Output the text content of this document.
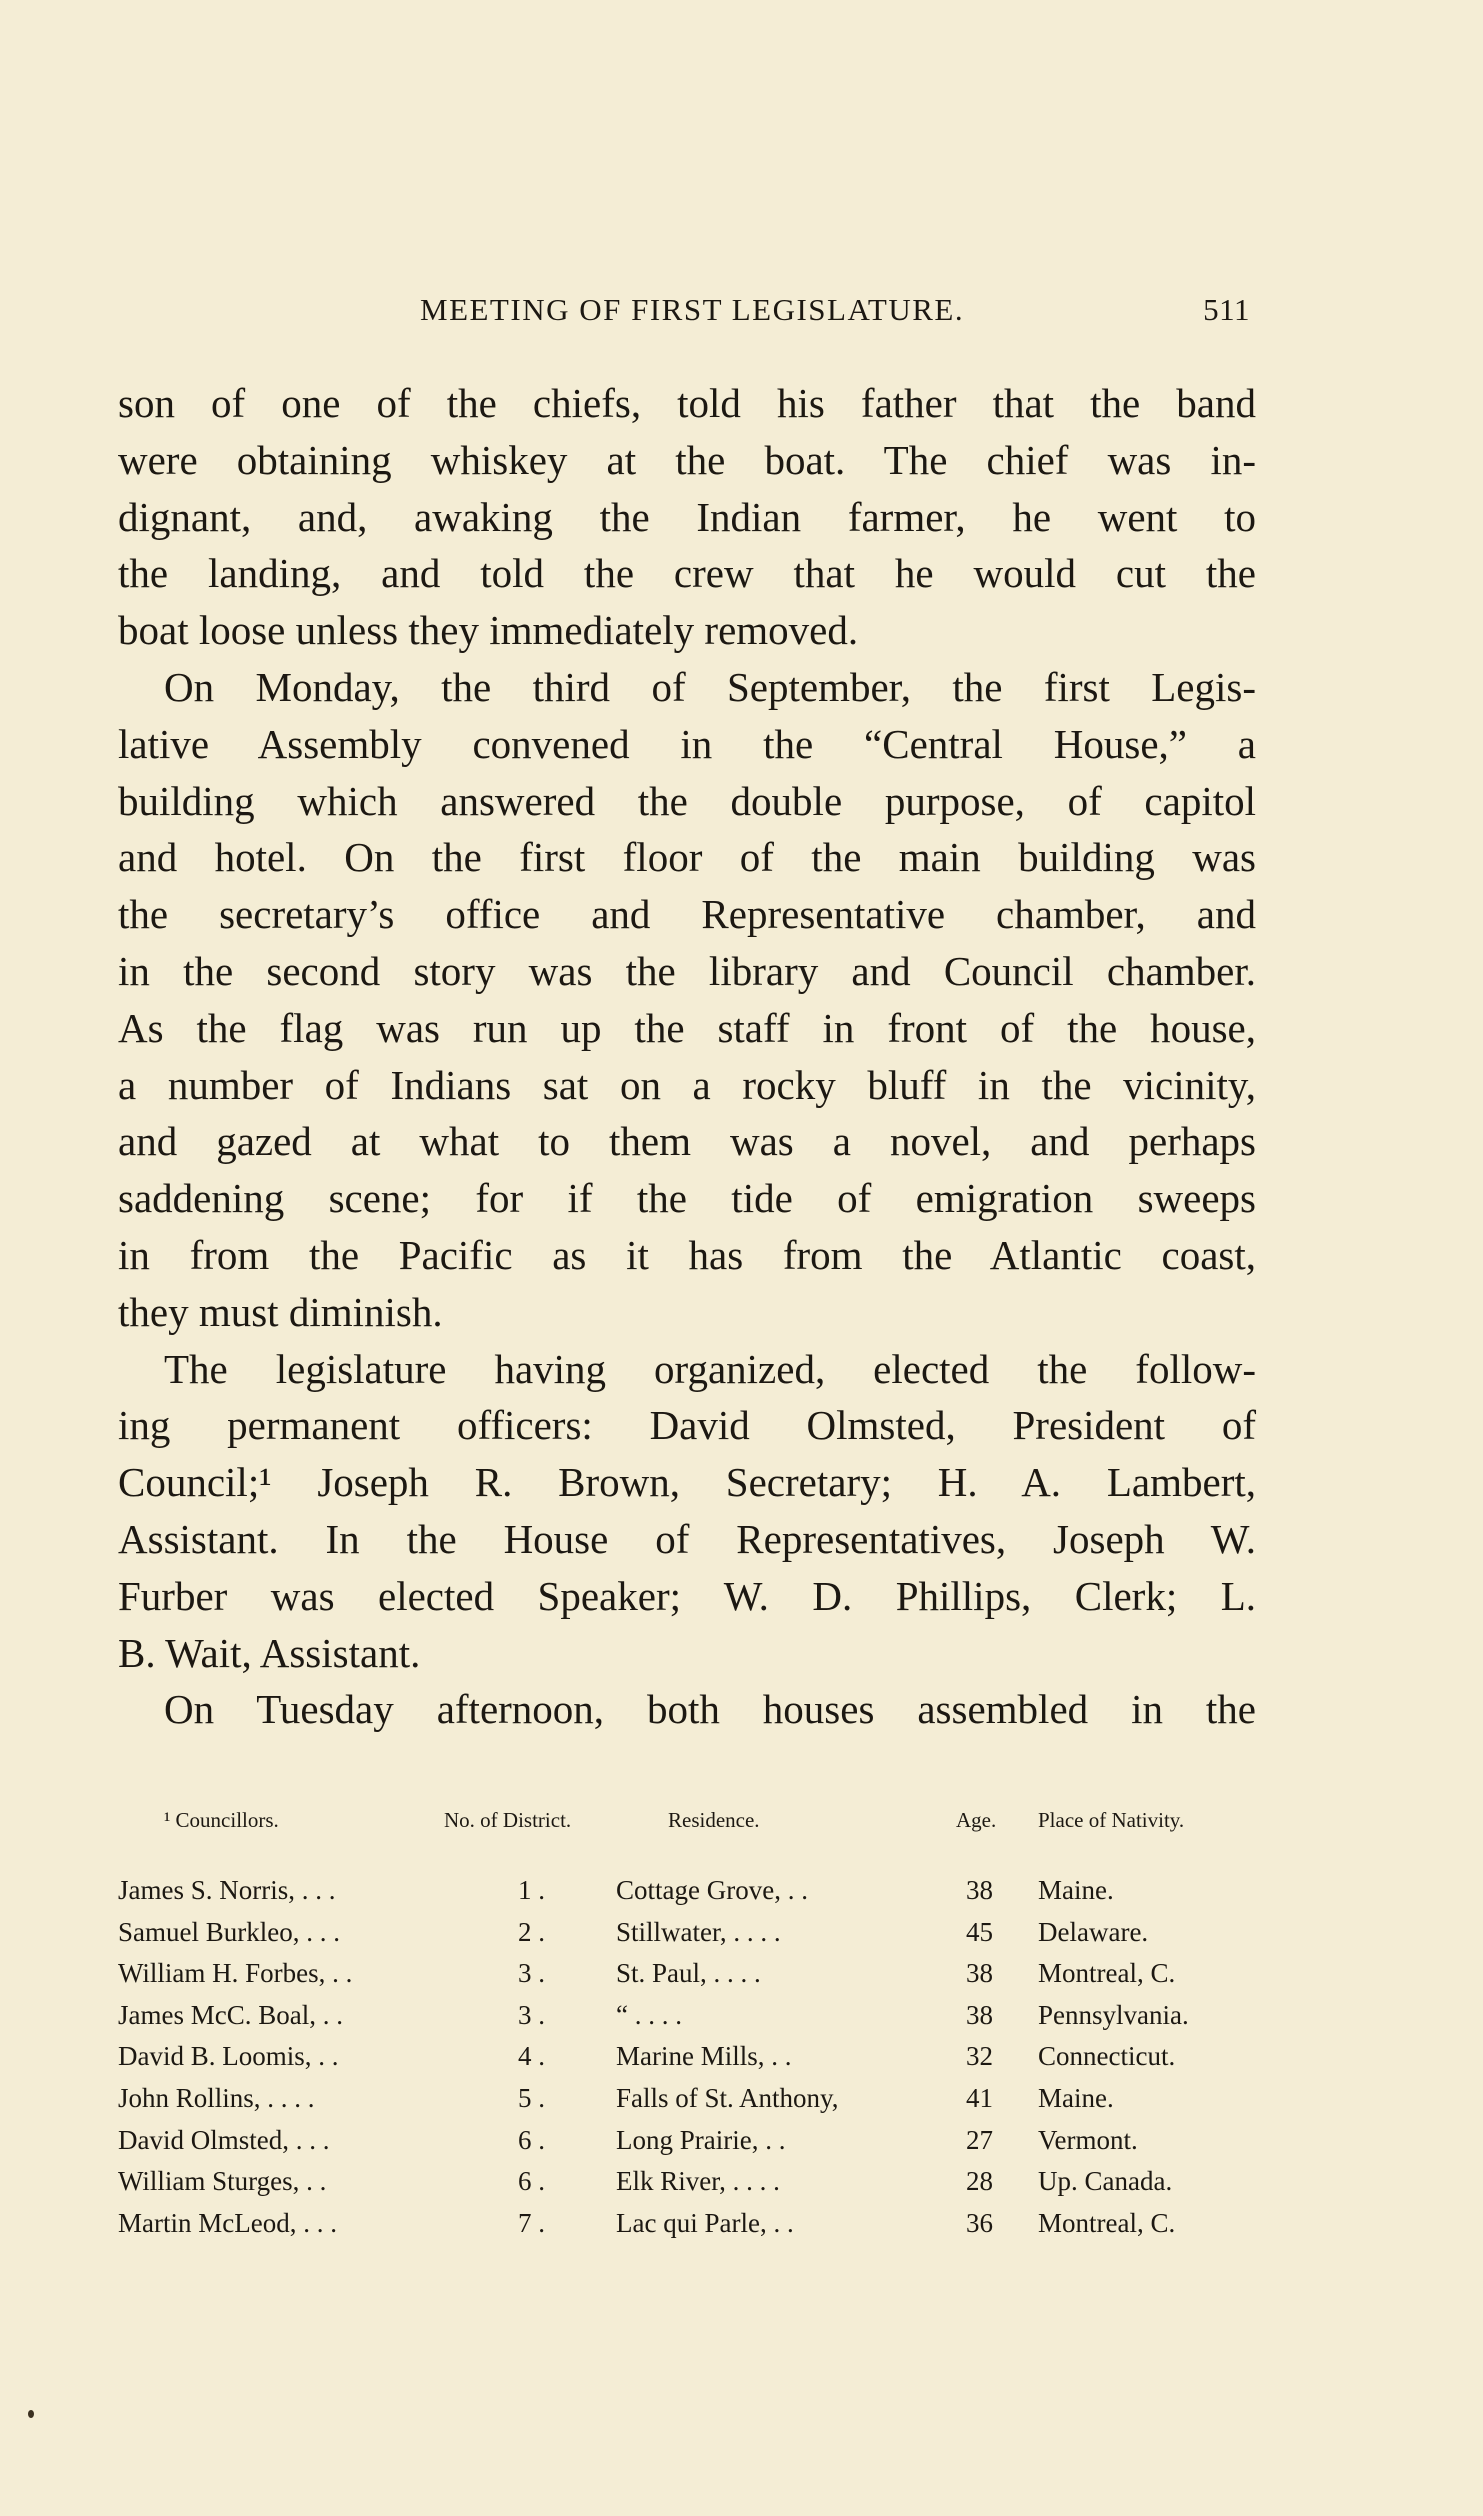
MEETING OF FIRST LEGISLATURE.	511
son of one of the chiefs, told his father that the band
were obtaining whiskey at the boat. The chief was in-
dignant, and, awaking the Indian farmer, he went to
the landing, and told the crew that he would cut the
boat loose unless they immediately removed.
On Monday, the third of September, the first Legis-
lative Assembly convened in the “Central House,” a
building which answered the double purpose, of capitol
and hotel. On the first floor of the main building was
the secretary’s office and Representative chamber, and
in the second story was the library and Council chamber.
As the flag was run up the staff in front of the house,
a number of Indians sat on a rocky bluff in the vicinity,
and gazed at what to them was a novel, and perhaps
saddening scene; for if the tide of emigration sweeps
in from the Pacific as it has from the Atlantic coast,
they must diminish.
The legislature having organized, elected the follow-
ing permanent officers: David Olmsted, President of
Council;¹ Joseph R. Brown, Secretary; H. A. Lambert,
Assistant. In the House of Representatives, Joseph W.
Furber was elected Speaker; W. D. Phillips, Clerk; L.
B. Wait, Assistant.
On Tuesday afternoon, both houses assembled in the
¹ Councillors.	No. of District.	Residence.	Age. Place of Nativity.
James S. Norris, . . .	1 .	Cottage Grove, . .	38 Maine.
Samuel Burkleo, . . .	2 .	Stillwater, . . . .	45 Delaware.
William H. Forbes, . .	3 .	St. Paul, . . . .	38 Montreal, C.
James McC. Boal, . .	3 .	“ . . . .	38 Pennsylvania.
David B. Loomis, . .	4 .	Marine Mills, . .	32 Connecticut.
John Rollins, . . . .	5 .	Falls of St. Anthony,	41 Maine.
David Olmsted, . . .	6 .	Long Prairie, . .	27 Vermont.
William Sturges, . .	6 .	Elk River, . . . .	28 Up. Canada.
Martin McLeod, . . .	7 .	Lac qui Parle, . .	36 Montreal, C.
